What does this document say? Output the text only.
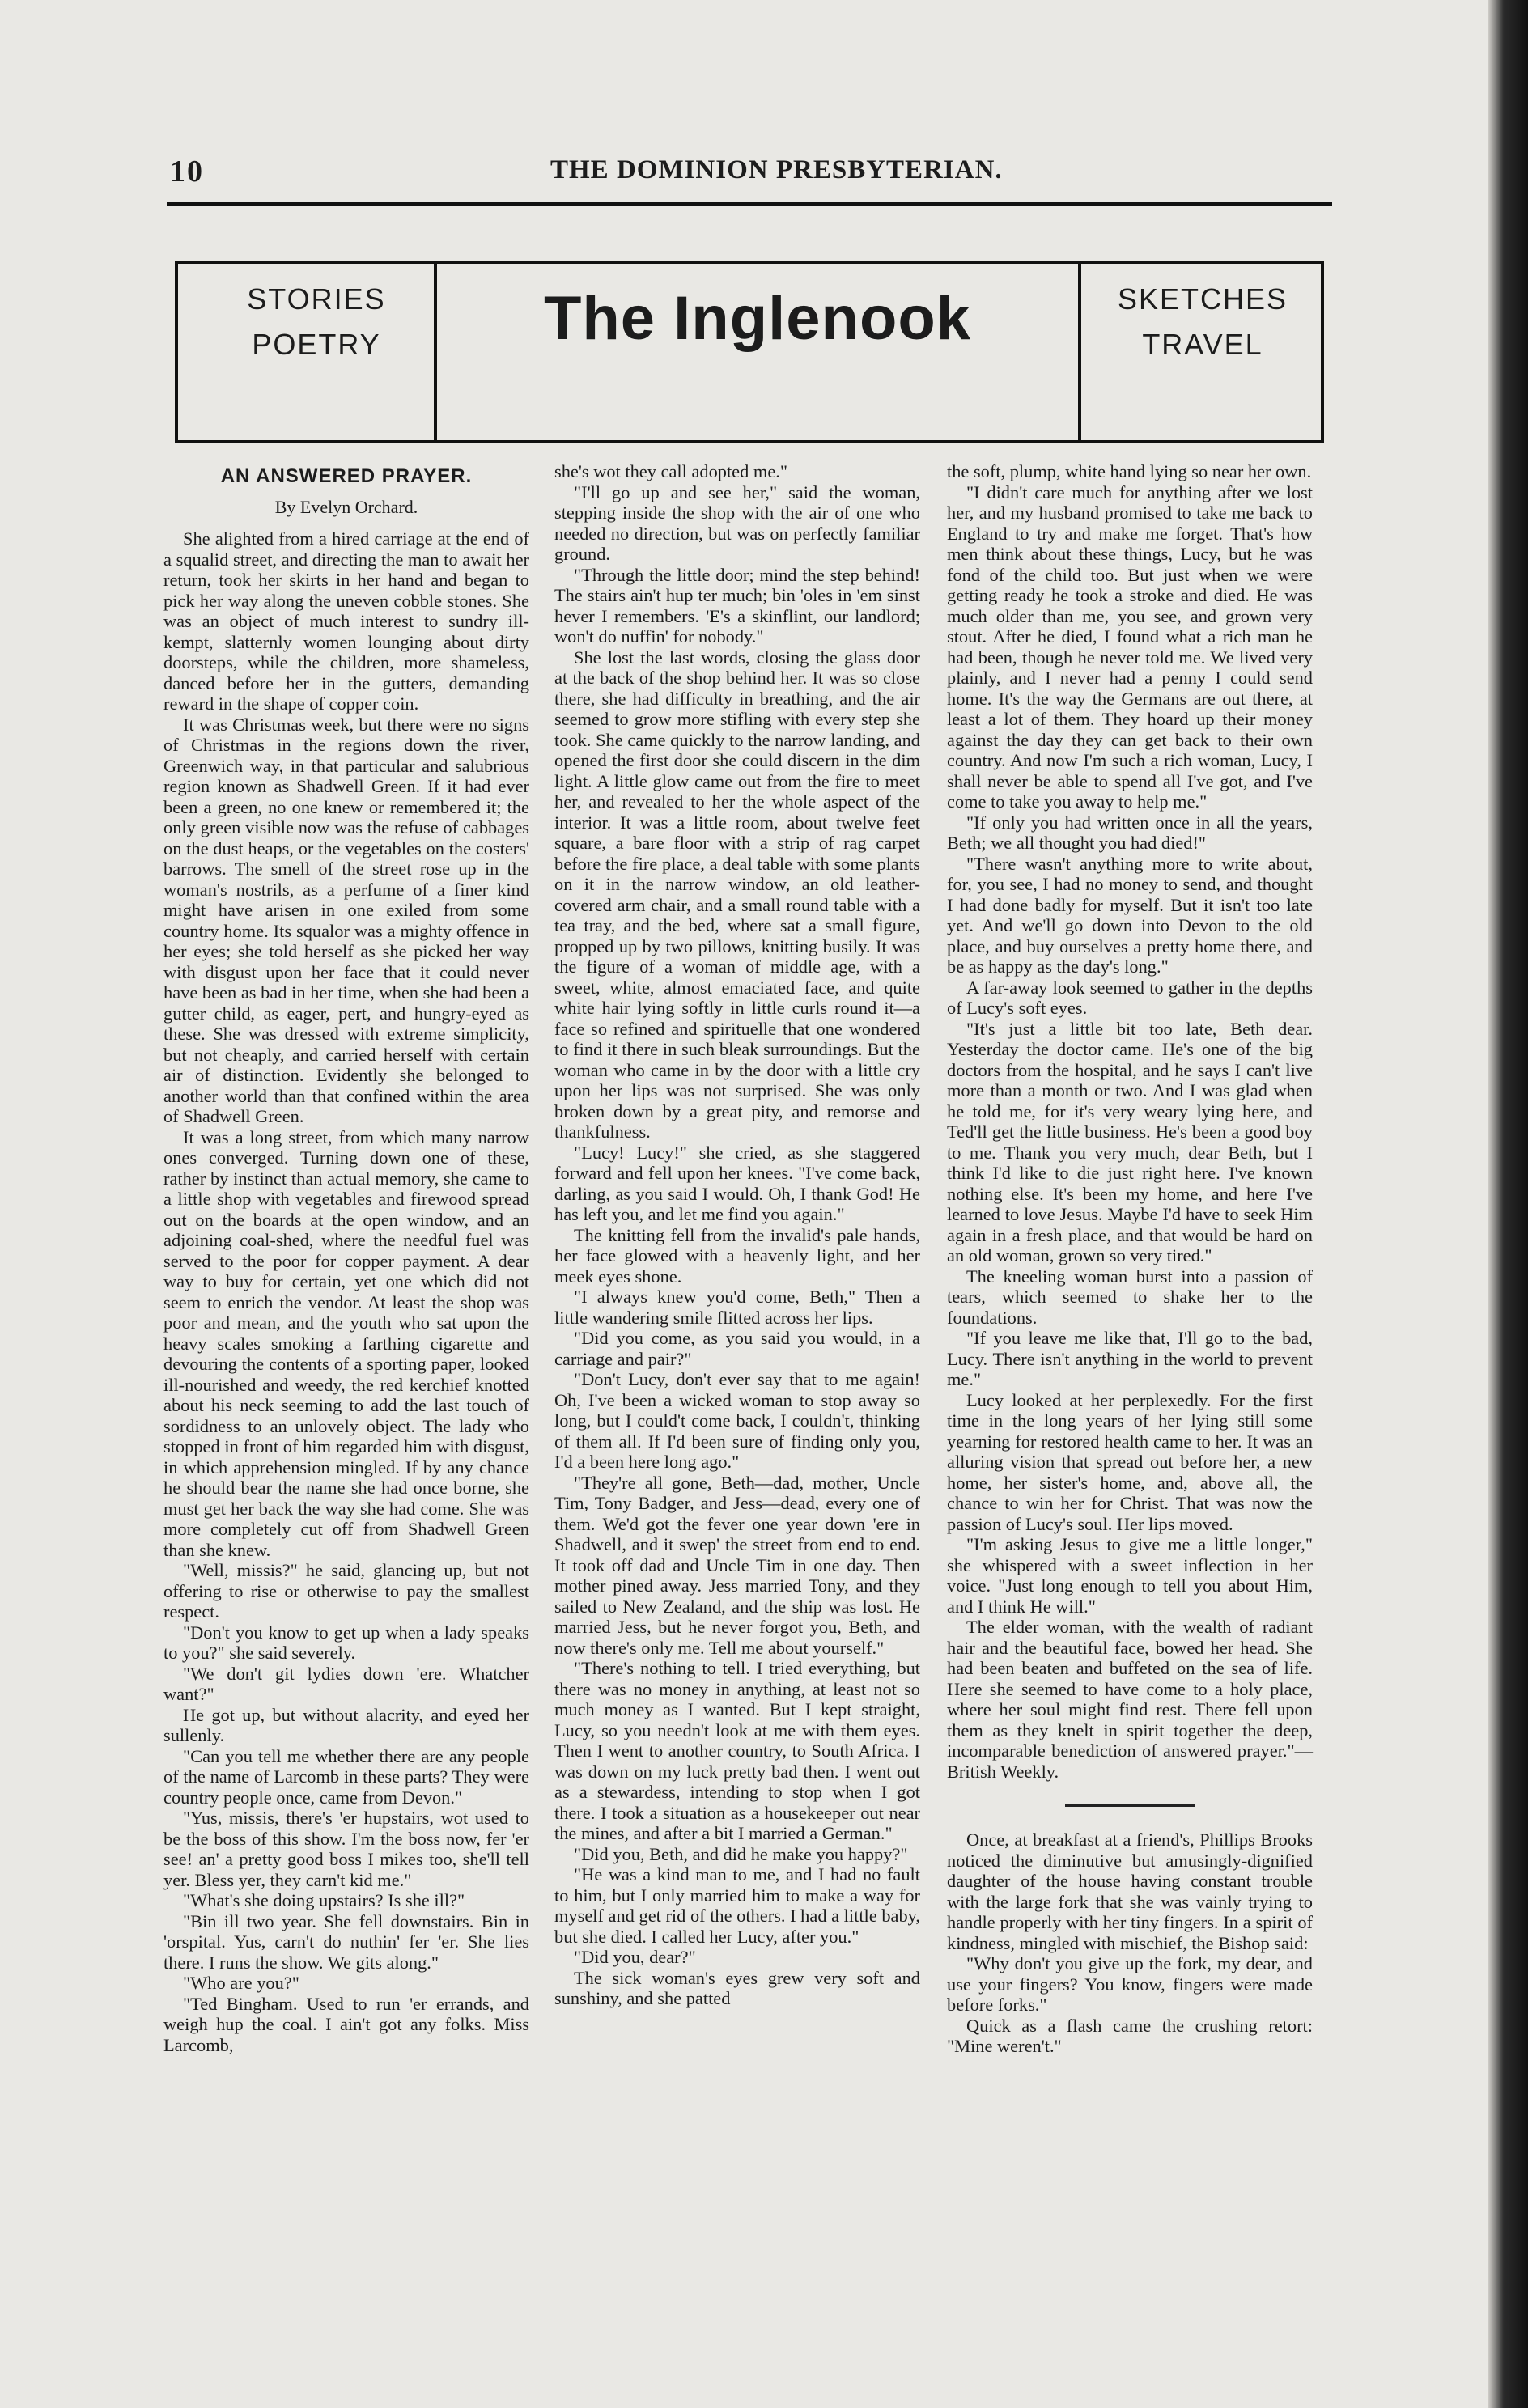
10	THE DOMINION PRESBYTERIAN.
STORIES
POETRY	The Inglenook	SKETCHES
TRAVEL
AN ANSWERED PRAYER.
By Evelyn Orchard.

She alighted from a hired carriage at the end of a squalid street, and directing the man to await her return, took her skirts in her hand and began to pick her way along the uneven cobble stones. She was an object of much interest to sundry ill-kempt, slatternly women lounging about dirty doorsteps, while the children, more shameless, danced before her in the gutters, demanding reward in the shape of copper coin.

It was Christmas week, but there were no signs of Christmas in the regions down the river, Greenwich way, in that particular and salubrious region known as Shadwell Green. If it had ever been a green, no one knew or remembered it; the only green visible now was the refuse of cabbages on the dust heaps, or the vegetables on the costers' barrows. The smell of the street rose up in the woman's nostrils, as a perfume of a finer kind might have arisen in one exiled from some country home. Its squalor was a mighty offence in her eyes; she told herself as she picked her way with disgust upon her face that it could never have been as bad in her time, when she had been a gutter child, as eager, pert, and hungry-eyed as these. She was dressed with extreme simplicity, but not cheaply, and carried herself with certain air of distinction. Evidently she belonged to another world than that confined within the area of Shadwell Green.

It was a long street, from which many narrow ones converged. Turning down one of these, rather by instinct than actual memory, she came to a little shop with vegetables and firewood spread out on the boards at the open window, and an adjoining coal-shed, where the needful fuel was served to the poor for copper payment. A dear way to buy for certain, yet one which did not seem to enrich the vendor. At least the shop was poor and mean, and the youth who sat upon the heavy scales smoking a farthing cigarette and devouring the contents of a sporting paper, looked ill-nourished and weedy, the red kerchief knotted about his neck seeming to add the last touch of sordidness to an unlovely object. The lady who stopped in front of him regarded him with disgust, in which apprehension mingled. If by any chance he should bear the name she had once borne, she must get her back the way she had come. She was more completely cut off from Shadwell Green than she knew.

"Well, missis?" he said, glancing up, but not offering to rise or otherwise to pay the smallest respect.

"Don't you know to get up when a lady speaks to you?" she said severely.

"We don't git lydies down 'ere. Whatcher want?"

He got up, but without alacrity, and eyed her sullenly.

"Can you tell me whether there are any people of the name of Larcomb in these parts? They were country people once, came from Devon."

"Yus, missis, there's 'er hupstairs, wot used to be the boss of this show. I'm the boss now, fer 'er see! an' a pretty good boss I mikes too, she'll tell yer. Bless yer, they carn't kid me."

"What's she doing upstairs? Is she ill?"

"Bin ill two year. She fell downstairs. Bin in 'orspital. Yus, carn't do nuthin' fer 'er. She lies there. I runs the show. We gits along."

"Who are you?"

"Ted Bingham. Used to run 'er errands, and weigh hup the coal. I ain't got any folks. Miss Larcomb,

she's wot they call adopted me."

"I'll go up and see her," said the woman, stepping inside the shop with the air of one who needed no direction, but was on perfectly familiar ground.

"Through the little door; mind the step behind! The stairs ain't hup ter much; bin 'oles in 'em sinst hever I remembers. 'E's a skinflint, our landlord; won't do nuffin' for nobody."

She lost the last words, closing the glass door at the back of the shop behind her. It was so close there, she had difficulty in breathing, and the air seemed to grow more stifling with every step she took. She came quickly to the narrow landing, and opened the first door she could discern in the dim light. A little glow came out from the fire to meet her, and revealed to her the whole aspect of the interior. It was a little room, about twelve feet square, a bare floor with a strip of rag carpet before the fire place, a deal table with some plants on it in the narrow window, an old leather-covered arm chair, and a small round table with a tea tray, and the bed, where sat a small figure, propped up by two pillows, knitting busily. It was the figure of a woman of middle age, with a sweet, white, almost emaciated face, and quite white hair lying softly in little curls round it—a face so refined and spirituelle that one wondered to find it there in such bleak surroundings. But the woman who came in by the door with a little cry upon her lips was not surprised. She was only broken down by a great pity, and remorse and thankfulness.

"Lucy! Lucy!" she cried, as she staggered forward and fell upon her knees. "I've come back, darling, as you said I would. Oh, I thank God! He has left you, and let me find you again."

The knitting fell from the invalid's pale hands, her face glowed with a heavenly light, and her meek eyes shone.

"I always knew you'd come, Beth," Then a little wandering smile flitted across her lips.

"Did you come, as you said you would, in a carriage and pair?"

"Don't Lucy, don't ever say that to me again! Oh, I've been a wicked woman to stop away so long, but I could't come back, I couldn't, thinking of them all. If I'd been sure of finding only you, I'd a been here long ago."

"They're all gone, Beth—dad, mother, Uncle Tim, Tony Badger, and Jess—dead, every one of them. We'd got the fever one year down 'ere in Shadwell, and it swep' the street from end to end. It took off dad and Uncle Tim in one day. Then mother pined away. Jess married Tony, and they sailed to New Zealand, and the ship was lost. He married Jess, but he never forgot you, Beth, and now there's only me. Tell me about yourself."

"There's nothing to tell. I tried everything, but there was no money in anything, at least not so much money as I wanted. But I kept straight, Lucy, so you needn't look at me with them eyes. Then I went to another country, to South Africa. I was down on my luck pretty bad then. I went out as a stewardess, intending to stop when I got there. I took a situation as a housekeeper out near the mines, and after a bit I married a German."

"Did you, Beth, and did he make you happy?"

"He was a kind man to me, and I had no fault to him, but I only married him to make a way for myself and get rid of the others. I had a little baby, but she died. I called her Lucy, after you."

"Did you, dear?"

The sick woman's eyes grew very soft and sunshiny, and she patted

the soft, plump, white hand lying so near her own.

"I didn't care much for anything after we lost her, and my husband promised to take me back to England to try and make me forget. That's how men think about these things, Lucy, but he was fond of the child too. But just when we were getting ready he took a stroke and died. He was much older than me, you see, and grown very stout. After he died, I found what a rich man he had been, though he never told me. We lived very plainly, and I never had a penny I could send home. It's the way the Germans are out there, at least a lot of them. They hoard up their money against the day they can get back to their own country. And now I'm such a rich woman, Lucy, I shall never be able to spend all I've got, and I've come to take you away to help me."

"If only you had written once in all the years, Beth; we all thought you had died!"

"There wasn't anything more to write about, for, you see, I had no money to send, and thought I had done badly for myself. But it isn't too late yet. And we'll go down into Devon to the old place, and buy ourselves a pretty home there, and be as happy as the day's long."

A far-away look seemed to gather in the depths of Lucy's soft eyes.

"It's just a little bit too late, Beth dear. Yesterday the doctor came. He's one of the big doctors from the hospital, and he says I can't live more than a month or two. And I was glad when he told me, for it's very weary lying here, and Ted'll get the little business. He's been a good boy to me. Thank you very much, dear Beth, but I think I'd like to die just right here. I've known nothing else. It's been my home, and here I've learned to love Jesus. Maybe I'd have to seek Him again in a fresh place, and that would be hard on an old woman, grown so very tired."

The kneeling woman burst into a passion of tears, which seemed to shake her to the foundations.

"If you leave me like that, I'll go to the bad, Lucy. There isn't anything in the world to prevent me."

Lucy looked at her perplexedly. For the first time in the long years of her lying still some yearning for restored health came to her. It was an alluring vision that spread out before her, a new home, her sister's home, and, above all, the chance to win her for Christ. That was now the passion of Lucy's soul. Her lips moved.

"I'm asking Jesus to give me a little longer," she whispered with a sweet inflection in her voice. "Just long enough to tell you about Him, and I think He will."

The elder woman, with the wealth of radiant hair and the beautiful face, bowed her head. She had been beaten and buffeted on the sea of life. Here she seemed to have come to a holy place, where her soul might find rest. There fell upon them as they knelt in spirit together the deep, incomparable benediction of answered prayer."—British Weekly.

Once, at breakfast at a friend's, Phillips Brooks noticed the diminutive but amusingly-dignified daughter of the house having constant trouble with the large fork that she was vainly trying to handle properly with her tiny fingers. In a spirit of kindness, mingled with mischief, the Bishop said:

"Why don't you give up the fork, my dear, and use your fingers? You know, fingers were made before forks."

Quick as a flash came the crushing retort: "Mine weren't."
